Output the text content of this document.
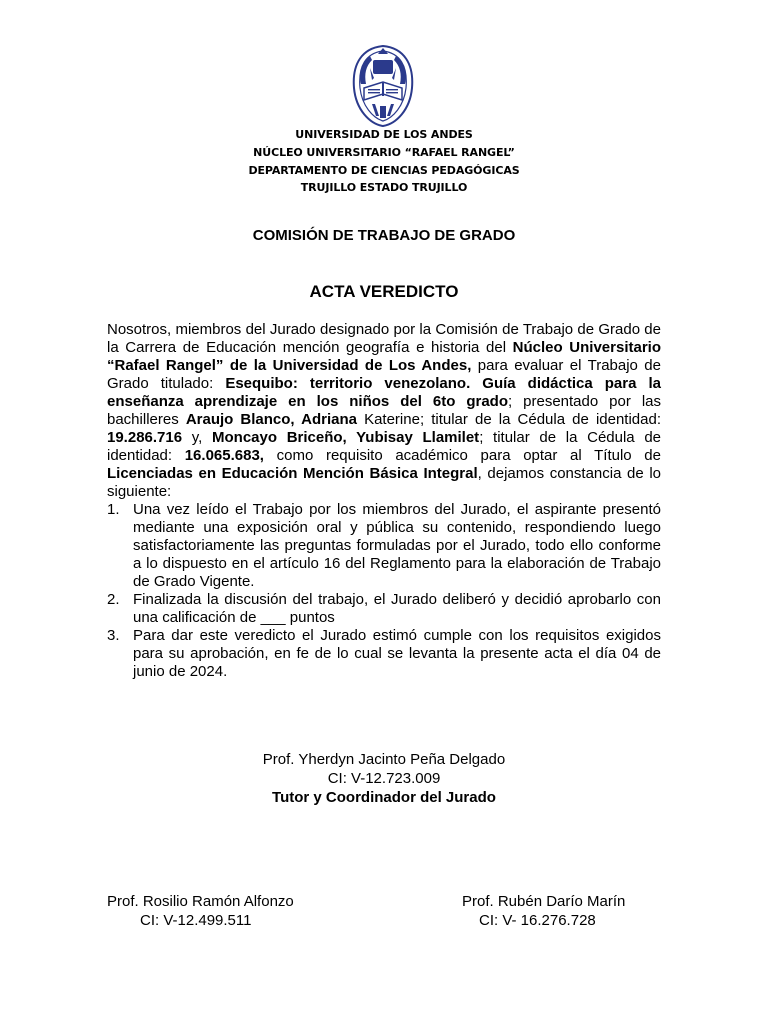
UNIVERSIDAD DE LOS ANDES
NÚCLEO UNIVERSITARIO “RAFAEL RANGEL”
DEPARTAMENTO DE CIENCIAS PEDAGÓGICAS
TRUJILLO ESTADO TRUJILLO
COMISIÓN DE TRABAJO DE GRADO
ACTA VEREDICTO

Nosotros, miembros del Jurado designado por la Comisión de Trabajo de Grado de la Carrera de Educación mención geografía e historia del Núcleo Universitario “Rafael Rangel” de la Universidad de Los Andes, para evaluar el Trabajo de Grado titulado: Esequibo: territorio venezolano. Guía didáctica para la enseñanza aprendizaje en los niños del 6to grado; presentado por las bachilleres Araujo Blanco, Adriana Katerine; titular de la Cédula de identidad: 19.286.716 y, Moncayo Briceño, Yubisay Llamilet; titular de la Cédula de identidad: 16.065.683, como requisito académico para optar al Título de Licenciadas en Educación Mención Básica Integral, dejamos constancia de lo siguiente:

1. Una vez leído el Trabajo por los miembros del Jurado, el aspirante presentó mediante una exposición oral y pública su contenido, respondiendo luego satisfactoriamente las preguntas formuladas por el Jurado, todo ello conforme a lo dispuesto en el artículo 16 del Reglamento para la elaboración de Trabajo de Grado Vigente.
2. Finalizada la discusión del trabajo, el Jurado deliberó y decidió aprobarlo con una calificación de ___ puntos
3. Para dar este veredicto el Jurado estimó cumple con los requisitos exigidos para su aprobación, en fe de lo cual se levanta la presente acta el día 04 de junio de 2024.
Prof. Yherdyn Jacinto Peña Delgado
CI: V-12.723.009
Tutor y Coordinador del Jurado
Prof. Rosilio Ramón Alfonzo
CI: V-12.499.511
Prof. Rubén Darío Marín
CI: V- 16.276.728
